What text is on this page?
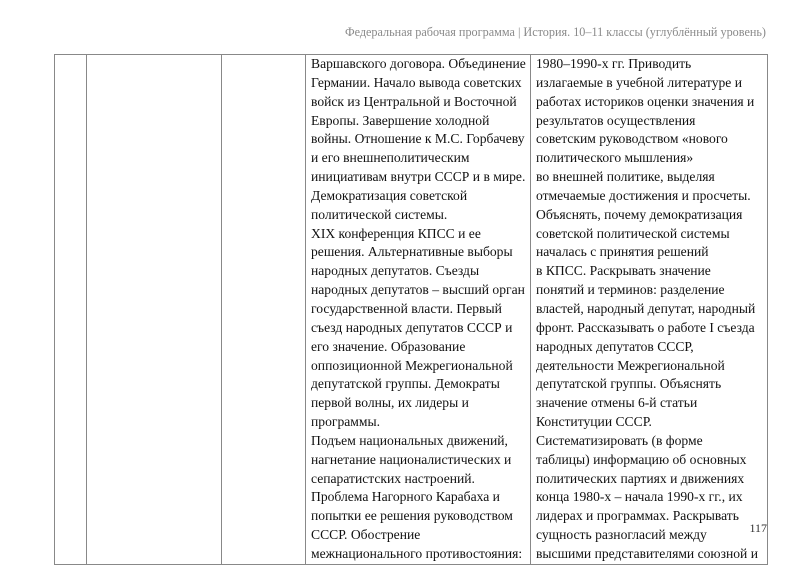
Федеральная рабочая программа | История. 10–11 классы (углублённый уровень)

Варшавского договора. Объединение
Германии. Начало вывода советских
войск из Центральной и Восточной
Европы. Завершение холодной
войны. Отношение к М.С. Горбачеву
и его внешнеполитическим
инициативам внутри СССР и в мире.
Демократизация советской
политической системы.
XIX конференция КПСС и ее
решения. Альтернативные выборы
народных депутатов. Съезды
народных депутатов – высший орган
государственной власти. Первый
съезд народных депутатов СССР и
его значение. Образование
оппозиционной Межрегиональной
депутатской группы. Демократы
первой волны, их лидеры и
программы.
Подъем национальных движений,
нагнетание националистических и
сепаратистских настроений.
Проблема Нагорного Карабаха и
попытки ее решения руководством
СССР. Обострение
межнационального противостояния:

1980–1990-х гг. Приводить
излагаемые в учебной литературе и
работах историков оценки значения и
результатов осуществления
советским руководством «нового
политического мышления»
во внешней политике, выделяя
отмечаемые достижения и просчеты.
Объяснять, почему демократизация
советской политической системы
началась с принятия решений
в КПСС. Раскрывать значение
понятий и терминов: разделение
властей, народный депутат, народный
фронт. Рассказывать о работе I съезда
народных депутатов СССР,
деятельности Межрегиональной
депутатской группы. Объяснять
значение отмены 6-й статьи
Конституции СССР.
Систематизировать (в форме
таблицы) информацию об основных
политических партиях и движениях
конца 1980-х – начала 1990-х гг., их
лидерах и программах. Раскрывать
сущность разногласий между
высшими представителями союзной и
117
